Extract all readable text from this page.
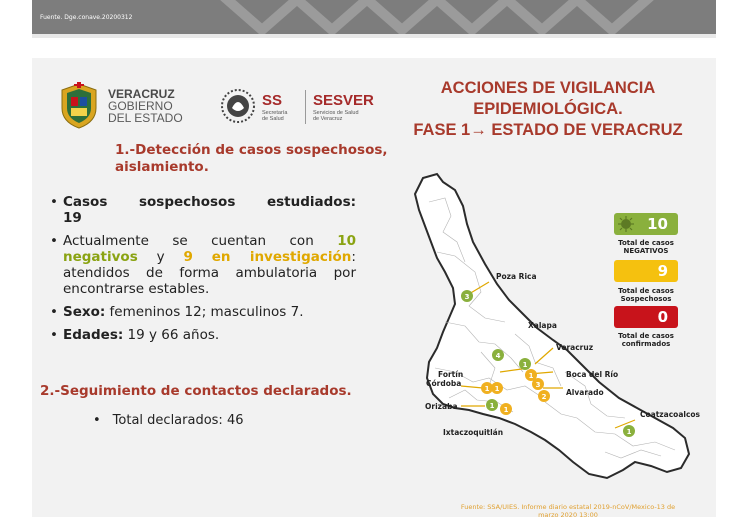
Fuente. Dge.conave.20200312
VERACRUZ
GOBIERNO
DEL ESTADO
SS
Secretaría
de Salud
SESVER
Servicios de Salud
de Veracruz
ACCIONES DE VIGILANCIA
EPIDEMIOLÓGICA.
FASE 1→ ESTADO DE VERACRUZ
1.-Detección de casos sospechosos,
aislamiento.
• Casos sospechosos estudiados:
19
• Actualmente se cuentan con 10 negativos y 9 en investigación: atendidos de forma ambulatoria por encontrarse estables.
• Sexo: femeninos 12; masculinos 7.
• Edades: 19 y 66 años.
2.-Seguimiento de contactos declarados.
• Total declarados: 46
3
4
1
1
3
2
1 1
1 1
1
Poza Rica
Xalapa
Veracruz
Fortín
Córdoba
Boca del Río
Alvarado
Orizaba
Ixtaczoquitlán
Coatzacoalcos
10
Total de casos
NEGATIVOS
9
Total de casos
Sospechosos
0
Total de casos
confirmados
Fuente: SSA/UIES. Informe diario estatal 2019-nCoV/Mexico-13 de
marzo 2020 13:00
